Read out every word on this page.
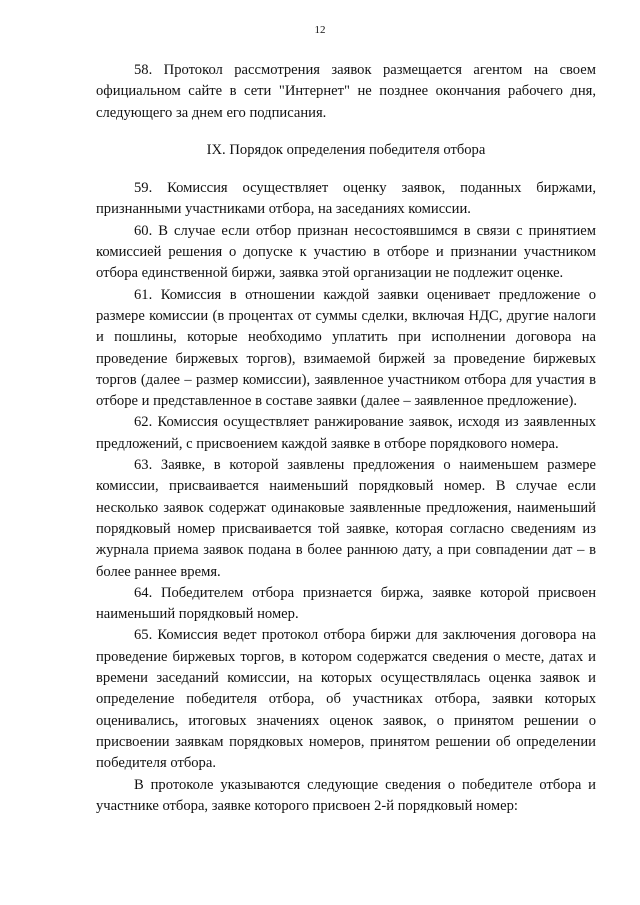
12

58. Протокол рассмотрения заявок размещается агентом на своем официальном сайте в сети "Интернет" не позднее окончания рабочего дня, следующего за днем его подписания.

IX. Порядок определения победителя отбора

59. Комиссия осуществляет оценку заявок, поданных биржами, признанными участниками отбора, на заседаниях комиссии.

60. В случае если отбор признан несостоявшимся в связи с принятием комиссией решения о допуске к участию в отборе и признании участником отбора единственной биржи, заявка этой организации не подлежит оценке.

61. Комиссия в отношении каждой заявки оценивает предложение о размере комиссии (в процентах от суммы сделки, включая НДС, другие налоги и пошлины, которые необходимо уплатить при исполнении договора на проведение биржевых торгов), взимаемой биржей за проведение биржевых торгов (далее – размер комиссии), заявленное участником отбора для участия в отборе и представленное в составе заявки (далее – заявленное предложение).

62. Комиссия осуществляет ранжирование заявок, исходя из заявленных предложений, с присвоением каждой заявке в отборе порядкового номера.

63. Заявке, в которой заявлены предложения о наименьшем размере комиссии, присваивается наименьший порядковый номер. В случае если несколько заявок содержат одинаковые заявленные предложения, наименьший порядковый номер присваивается той заявке, которая согласно сведениям из журнала приема заявок подана в более раннюю дату, а при совпадении дат – в более раннее время.

64. Победителем отбора признается биржа, заявке которой присвоен наименьший порядковый номер.

65. Комиссия ведет протокол отбора биржи для заключения договора на проведение биржевых торгов, в котором содержатся сведения о месте, датах и времени заседаний комиссии, на которых осуществлялась оценка заявок и определение победителя отбора, об участниках отбора, заявки которых оценивались, итоговых значениях оценок заявок, о принятом решении о присвоении заявкам порядковых номеров, принятом решении об определении победителя отбора.

В протоколе указываются следующие сведения о победителе отбора и участнике отбора, заявке которого присвоен 2-й порядковый номер:
